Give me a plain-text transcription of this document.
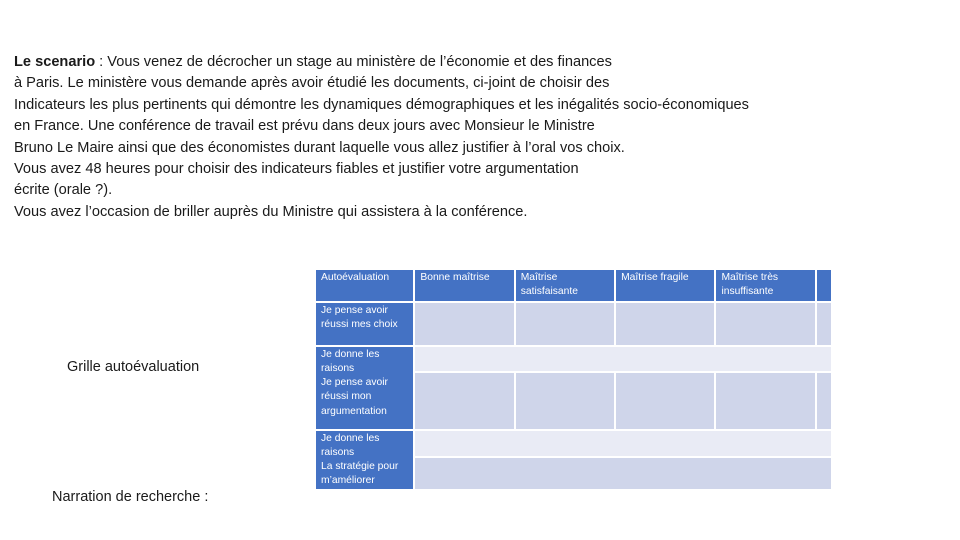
Le scenario : Vous venez de décrocher un stage au ministère de l’économie et des finances
à Paris. Le ministère vous demande après avoir étudié les documents, ci-joint de choisir des
Indicateurs les plus pertinents qui démontre les dynamiques démographiques et les inégalités socio-économiques
en France. Une conférence de travail est prévu dans deux jours avec Monsieur le Ministre
Bruno Le Maire ainsi que des économistes durant laquelle vous allez justifier à l’oral vos choix.
Vous avez 48 heures pour choisir des indicateurs fiables et justifier votre argumentation
écrite (orale ?).
Vous avez l’occasion de briller auprès du Ministre qui assistera à la conférence.
Grille autoévaluation
Narration de recherche :
Autoévaluation	Bonne maîtrise	Maîtrise satisfaisante	Maîtrise fragile	Maîtrise très insuffisante	
Je pense avoir réussi mes choix					
Je donne les raisons
Je pense avoir réussi mon argumentation					

Je donne les raisons
La stratégie pour m’améliorer					
